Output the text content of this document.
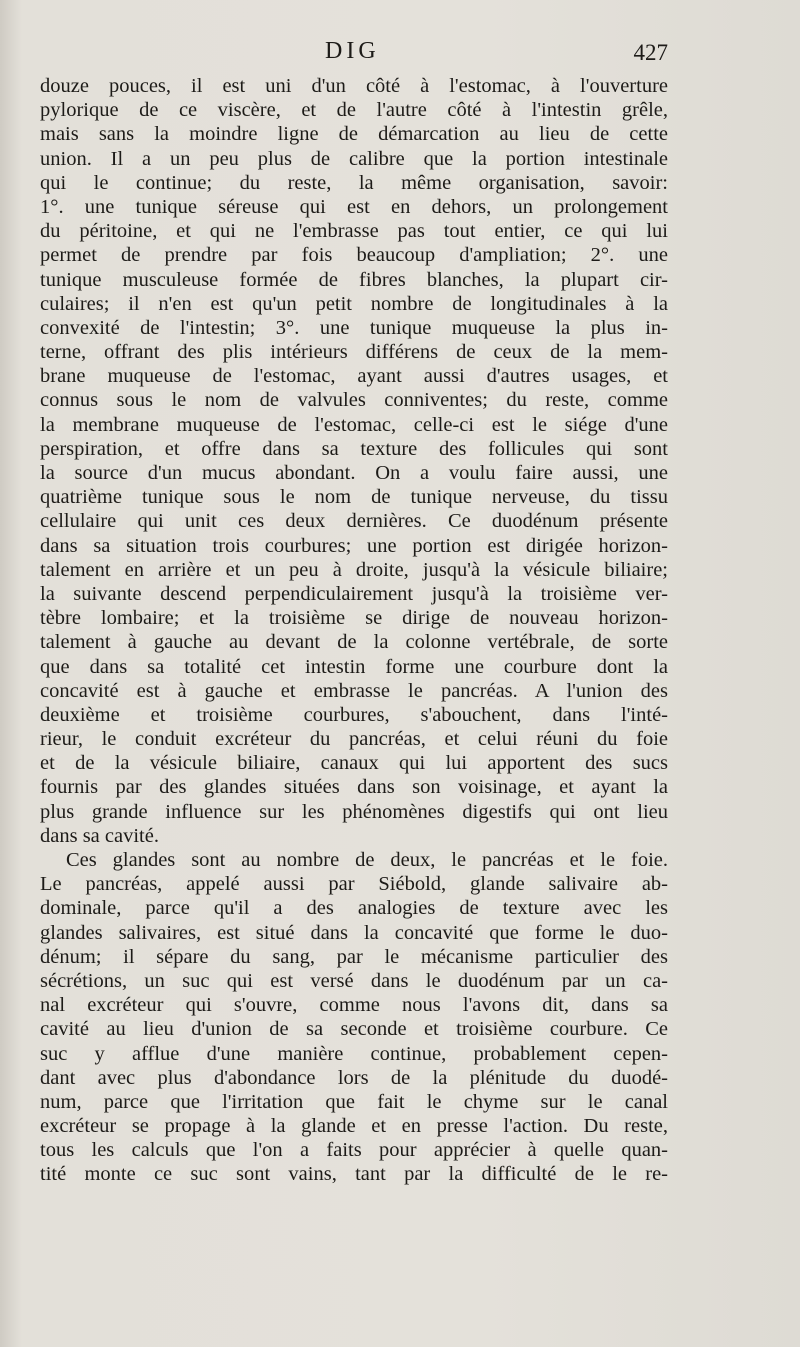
DIG	427
douze pouces, il est uni d'un côté à l'estomac, à l'ouverture
pylorique de ce viscère, et de l'autre côté à l'intestin grêle,
mais sans la moindre ligne de démarcation au lieu de cette
union. Il a un peu plus de calibre que la portion intestinale
qui le continue; du reste, la même organisation, savoir:
1°. une tunique séreuse qui est en dehors, un prolongement
du péritoine, et qui ne l'embrasse pas tout entier, ce qui lui
permet de prendre par fois beaucoup d'ampliation; 2°. une
tunique musculeuse formée de fibres blanches, la plupart cir-
culaires; il n'en est qu'un petit nombre de longitudinales à la
convexité de l'intestin; 3°. une tunique muqueuse la plus in-
terne, offrant des plis intérieurs différens de ceux de la mem-
brane muqueuse de l'estomac, ayant aussi d'autres usages, et
connus sous le nom de valvules conniventes; du reste, comme
la membrane muqueuse de l'estomac, celle-ci est le siége d'une
perspiration, et offre dans sa texture des follicules qui sont
la source d'un mucus abondant. On a voulu faire aussi, une
quatrième tunique sous le nom de tunique nerveuse, du tissu
cellulaire qui unit ces deux dernières. Ce duodénum présente
dans sa situation trois courbures; une portion est dirigée horizon-
talement en arrière et un peu à droite, jusqu'à la vésicule biliaire;
la suivante descend perpendiculairement jusqu'à la troisième ver-
tèbre lombaire; et la troisième se dirige de nouveau horizon-
talement à gauche au devant de la colonne vertébrale, de sorte
que dans sa totalité cet intestin forme une courbure dont la
concavité est à gauche et embrasse le pancréas. A l'union des
deuxième et troisième courbures, s'abouchent, dans l'inté-
rieur, le conduit excréteur du pancréas, et celui réuni du foie
et de la vésicule biliaire, canaux qui lui apportent des sucs
fournis par des glandes situées dans son voisinage, et ayant la
plus grande influence sur les phénomènes digestifs qui ont lieu
dans sa cavité.
Ces glandes sont au nombre de deux, le pancréas et le foie.
Le pancréas, appelé aussi par Siébold, glande salivaire ab-
dominale, parce qu'il a des analogies de texture avec les
glandes salivaires, est situé dans la concavité que forme le duo-
dénum; il sépare du sang, par le mécanisme particulier des
sécrétions, un suc qui est versé dans le duodénum par un ca-
nal excréteur qui s'ouvre, comme nous l'avons dit, dans sa
cavité au lieu d'union de sa seconde et troisième courbure. Ce
suc y afflue d'une manière continue, probablement cepen-
dant avec plus d'abondance lors de la plénitude du duodé-
num, parce que l'irritation que fait le chyme sur le canal
excréteur se propage à la glande et en presse l'action. Du reste,
tous les calculs que l'on a faits pour apprécier à quelle quan-
tité monte ce suc sont vains, tant par la difficulté de le re-
